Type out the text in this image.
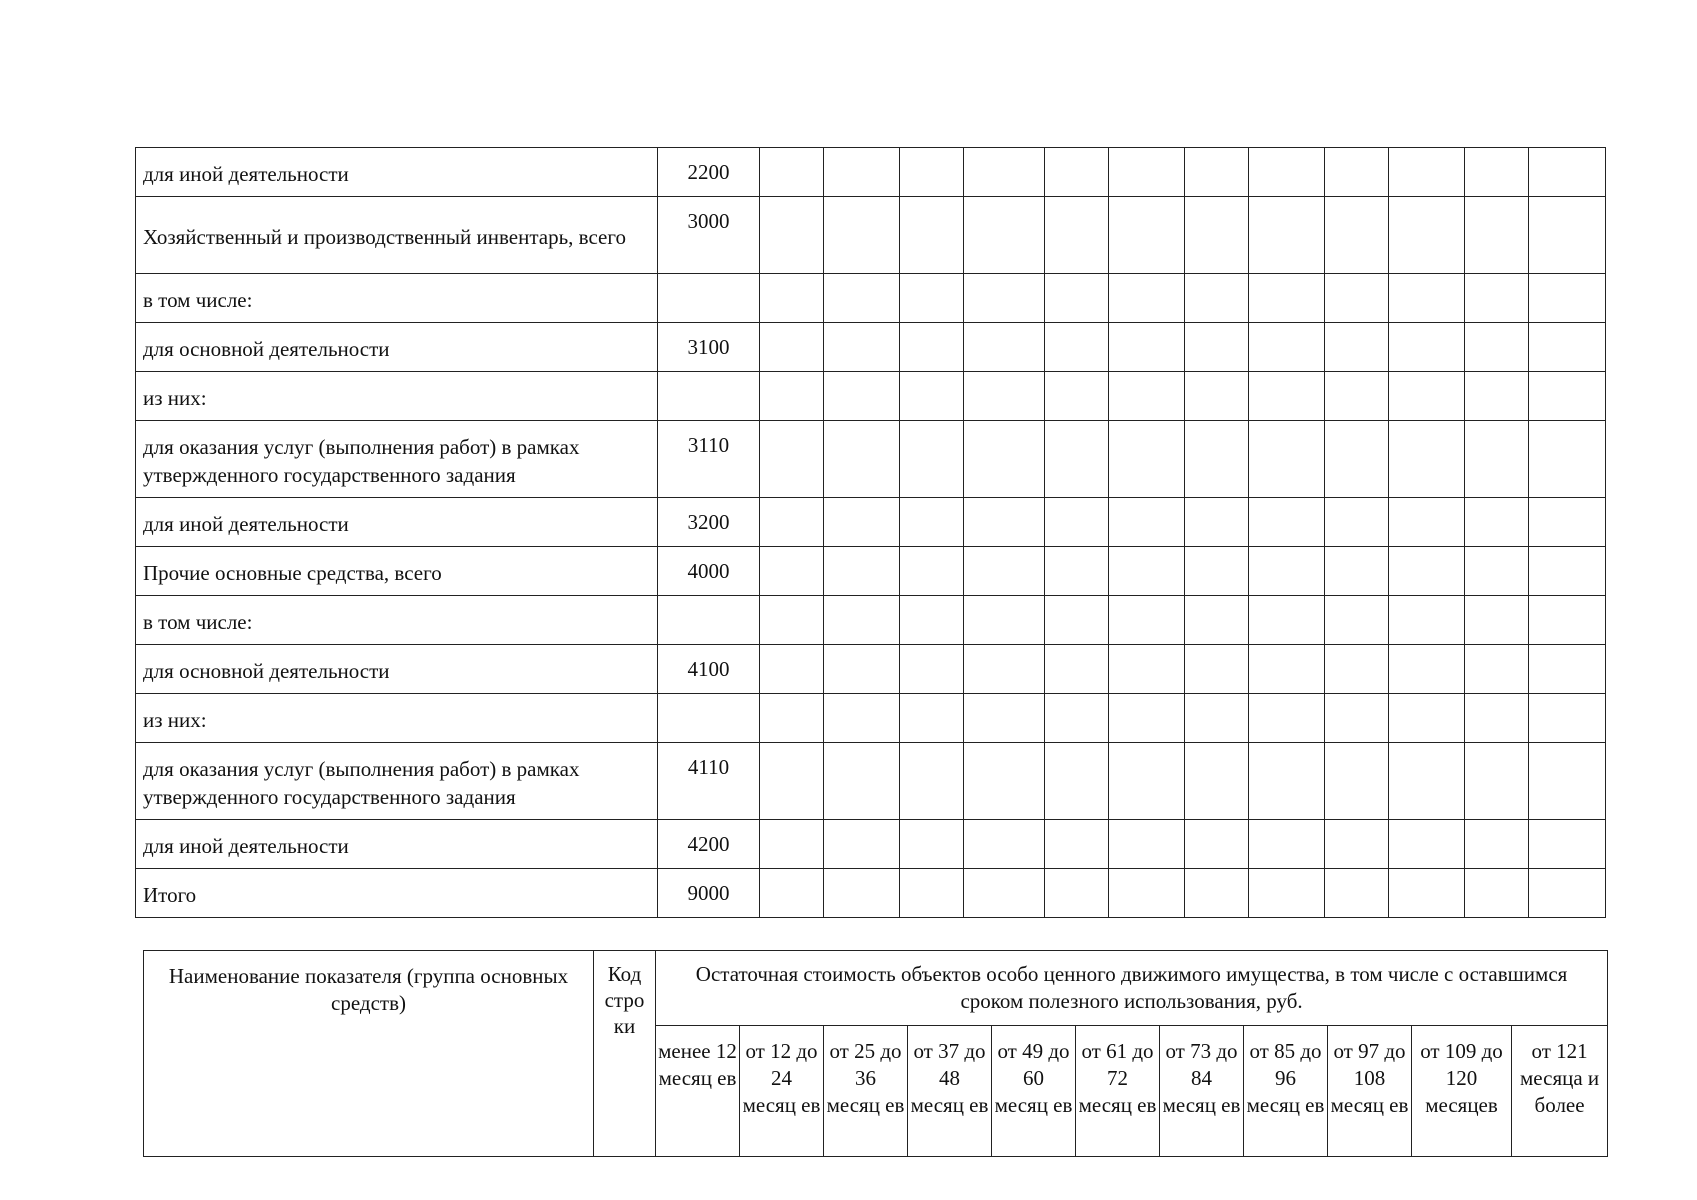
для иной деятельности	2200												
Хозяйственный и производственный инвентарь, всего	3000												
в том числе:													
для основной деятельности	3100												
из них:													
для оказания услуг (выполнения работ) в рамках утвержденного государственного задания	3110												
для иной деятельности	3200												
Прочие основные средства, всего	4000												
в том числе:													
для основной деятельности	4100												
из них:													
для оказания услуг (выполнения работ) в рамках утвержденного государственного задания	4110												
для иной деятельности	4200												
Итого	9000												
Наименование показателя (группа основных средств)	Код стро ки	Остаточная стоимость объектов особо ценного движимого имущества, в том числе с оставшимся сроком полезного использования, руб.										
		менее 12 месяц ев	от 12 до 24 месяц ев	от 25 до 36 месяц ев	от 37 до 48 месяц ев	от 49 до 60 месяц ев	от 61 до 72 месяц ев	от 73 до 84 месяц ев	от 85 до 96 месяц ев	от 97 до 108 месяц ев	от 109 до 120 месяцев	от 121 месяца и более
